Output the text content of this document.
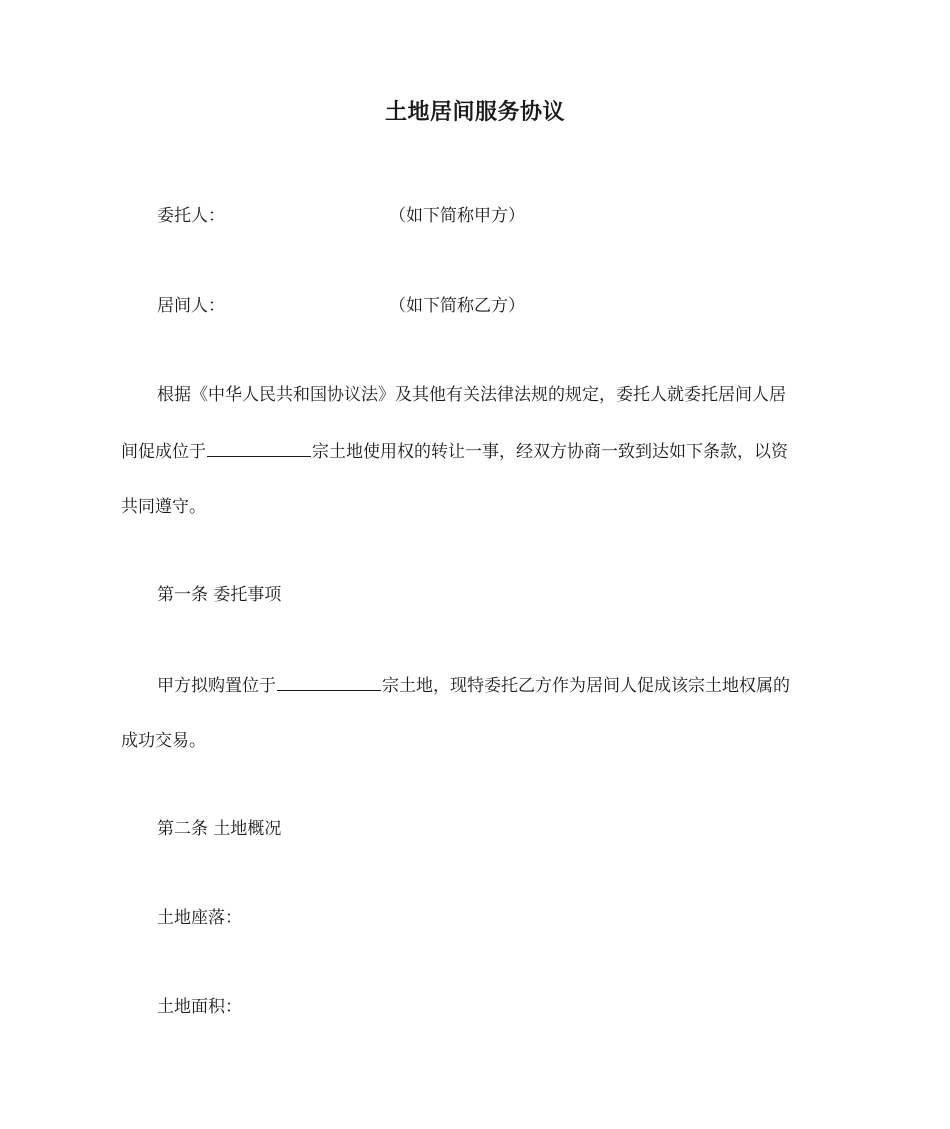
土地居间服务协议
委托人：	（如下简称甲方）
居间人：	（如下简称乙方）
根据《中华人民共和国协议法》及其他有关法律法规的规定，委托人就委托居间人居
间促成位于	宗土地使用权的转让一事，经双方协商一致到达如下条款，以资
共同遵守。
第一条 委托事项
甲方拟购置位于	宗土地，现特委托乙方作为居间人促成该宗土地权属的
成功交易。
第二条 土地概况
土地座落：
土地面积：
